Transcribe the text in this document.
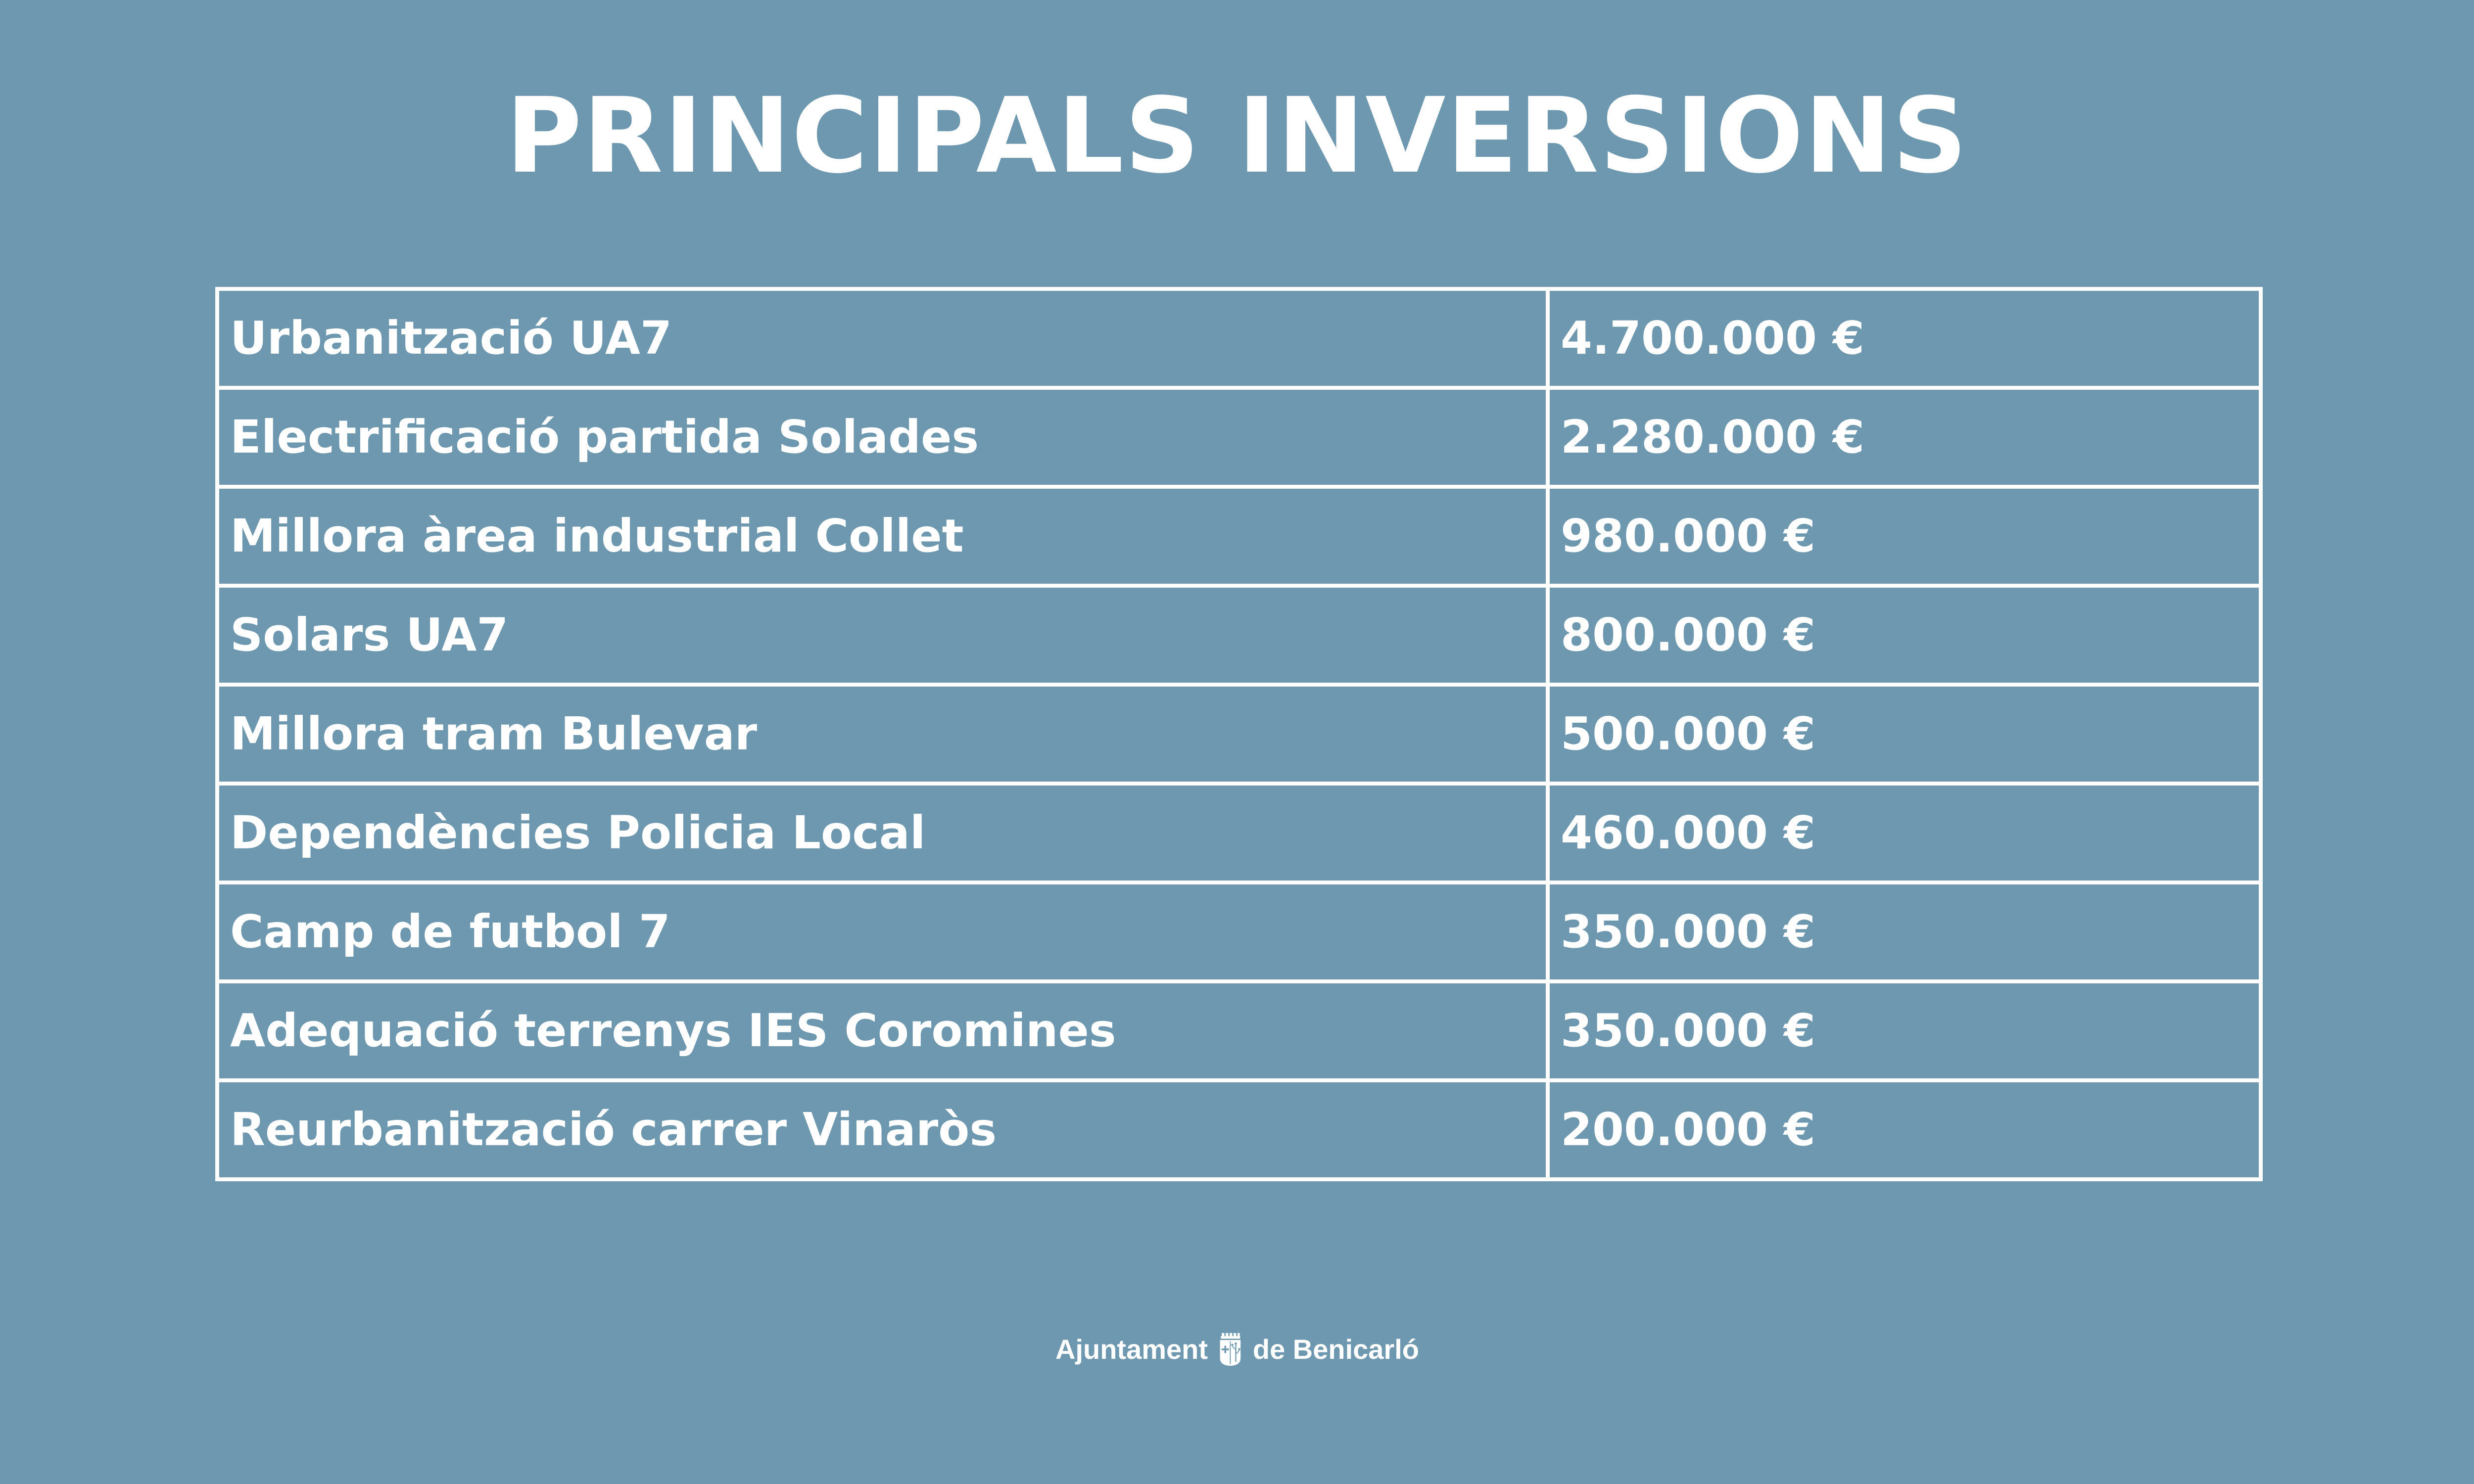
PRINCIPALS INVERSIONS
Urbanització UA7	4.700.000 €
Electrificació partida Solades	2.280.000 €
Millora àrea industrial Collet	980.000 €
Solars UA7	800.000 €
Millora tram Bulevar	500.000 €
Dependències Policia Local	460.000 €
Camp de futbol 7	350.000 €
Adequació terrenys IES Coromines	350.000 €
Reurbanització carrer Vinaròs	200.000 €
Ajuntament de Benicarló
